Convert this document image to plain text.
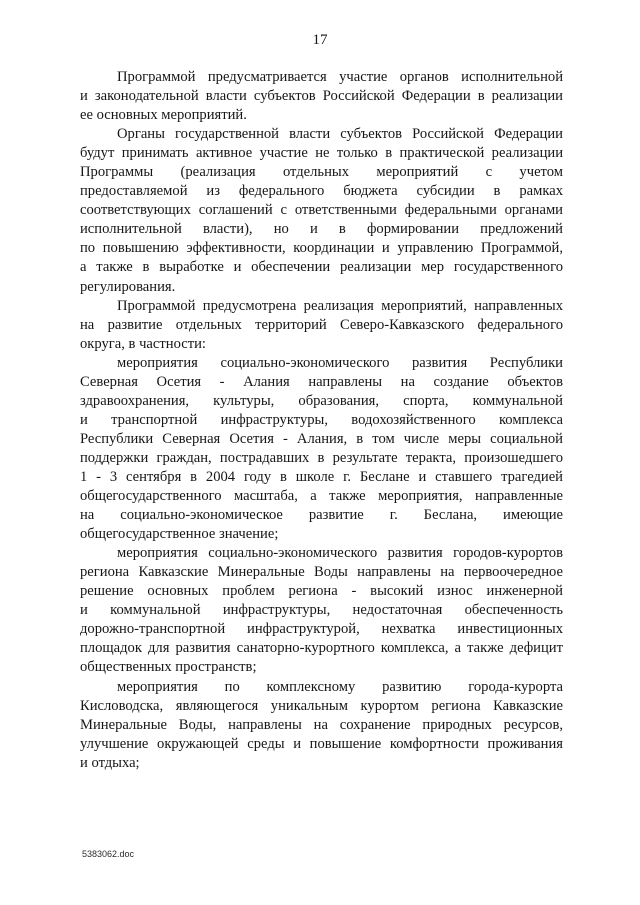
17
Программой предусматривается участие органов исполнительной
и законодательной власти субъектов Российской Федерации в реализации
ее основных мероприятий.
Органы государственной власти субъектов Российской Федерации
будут принимать активное участие не только в практической реализации
Программы (реализация отдельных мероприятий с учетом
предоставляемой из федерального бюджета субсидии в рамках
соответствующих соглашений с ответственными федеральными органами
исполнительной власти), но и в формировании предложений
по повышению эффективности, координации и управлению Программой,
а также в выработке и обеспечении реализации мер государственного
регулирования.
Программой предусмотрена реализация мероприятий, направленных
на развитие отдельных территорий Северо-Кавказского федерального
округа, в частности:
мероприятия социально-экономического развития Республики
Северная Осетия - Алания направлены на создание объектов
здравоохранения, культуры, образования, спорта, коммунальной
и транспортной инфраструктуры, водохозяйственного комплекса
Республики Северная Осетия - Алания, в том числе меры социальной
поддержки граждан, пострадавших в результате теракта, произошедшего
1 - 3 сентября в 2004 году в школе г. Беслане и ставшего трагедией
общегосударственного масштаба, а также мероприятия, направленные
на социально-экономическое развитие г. Беслана, имеющие
общегосударственное значение;
мероприятия социально-экономического развития городов-курортов
региона Кавказские Минеральные Воды направлены на первоочередное
решение основных проблем региона - высокий износ инженерной
и коммунальной инфраструктуры, недостаточная обеспеченность
дорожно-транспортной инфраструктурой, нехватка инвестиционных
площадок для развития санаторно-курортного комплекса, а также дефицит
общественных пространств;
мероприятия по комплексному развитию города-курорта
Кисловодска, являющегося уникальным курортом региона Кавказские
Минеральные Воды, направлены на сохранение природных ресурсов,
улучшение окружающей среды и повышение комфортности проживания
и отдыха;
5383062.doc
